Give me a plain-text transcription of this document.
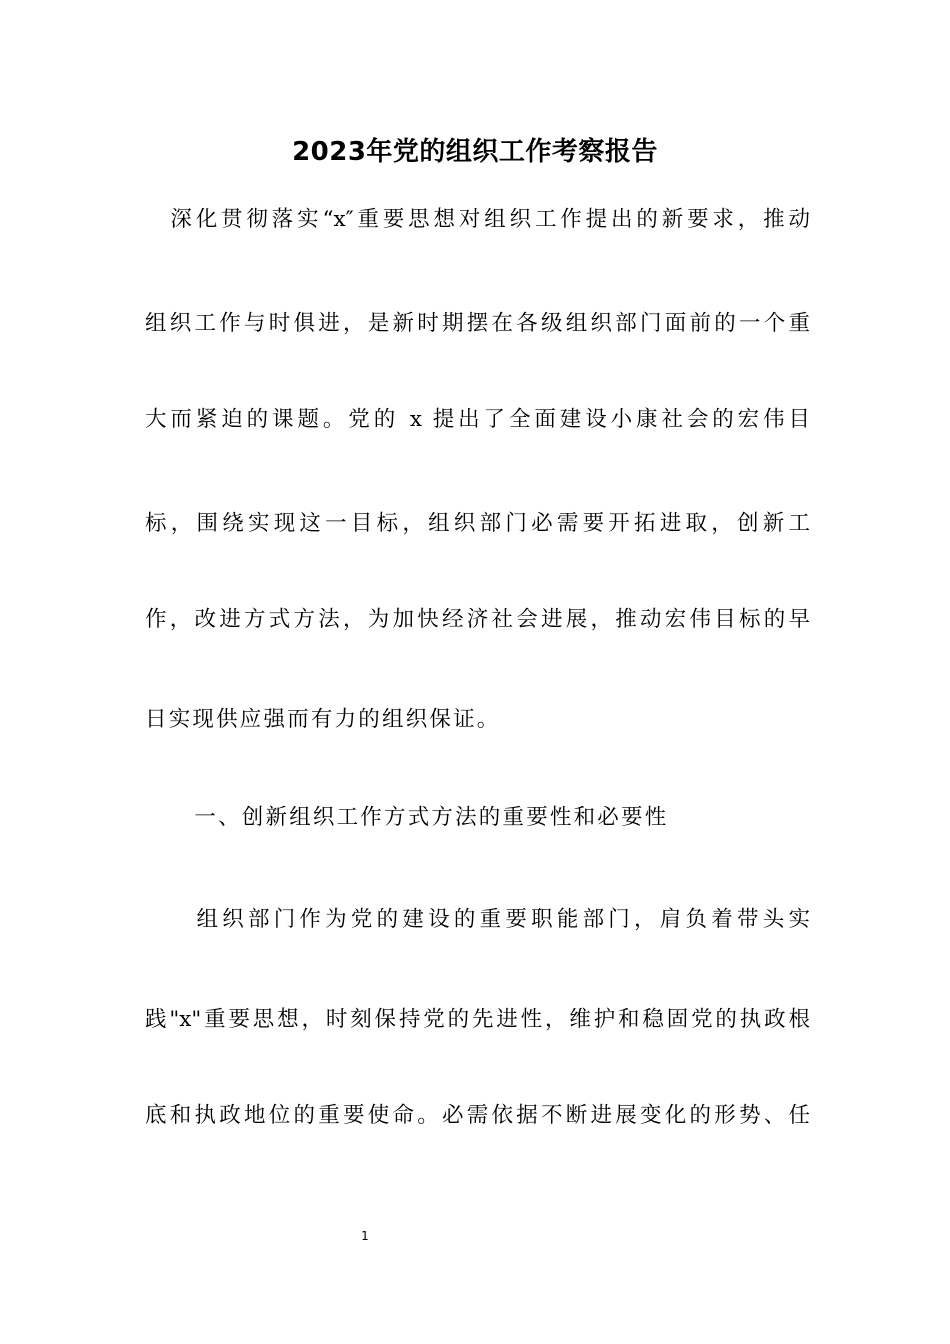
2023年党的组织工作考察报告
　深化贯彻落实“x″重要思想对组织工作提出的新要求，推动
组织工作与时俱进，是新时期摆在各级组织部门面前的一个重
大而紧迫的课题。党的 x 提出了全面建设小康社会的宏伟目
标，围绕实现这一目标，组织部门必需要开拓进取，创新工
作，改进方式方法，为加快经济社会进展，推动宏伟目标的早
日实现供应强而有力的组织保证。
　　一、创新组织工作方式方法的重要性和必要性
　　组织部门作为党的建设的重要职能部门，肩负着带头实
践"x"重要思想，时刻保持党的先进性，维护和稳固党的执政根
底和执政地位的重要使命。必需依据不断进展变化的形势、任
1
